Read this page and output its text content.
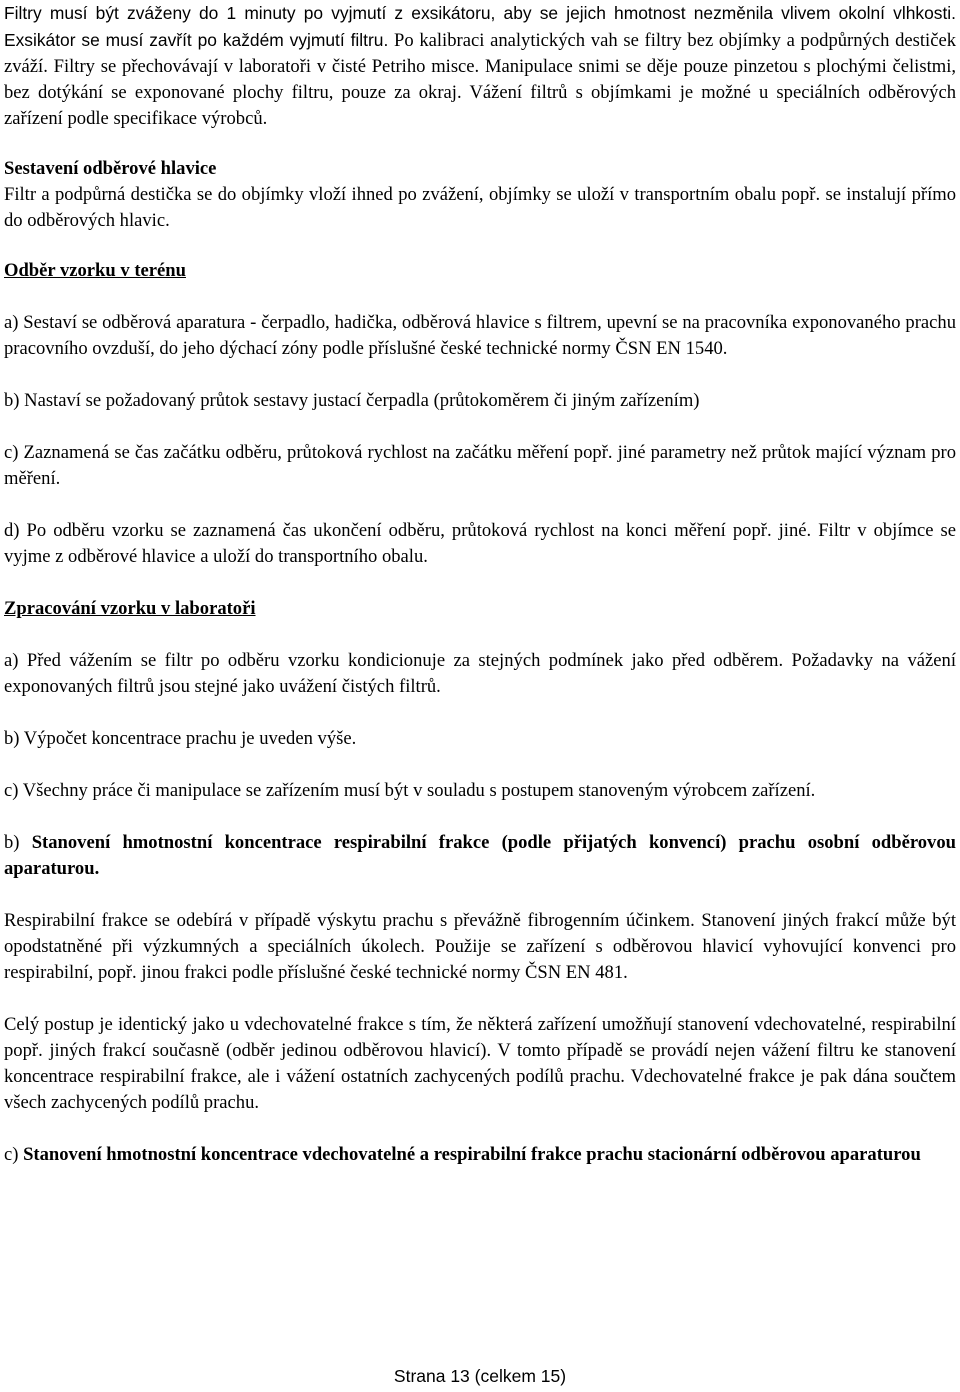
Filtry musí být zváženy do 1 minuty po vyjmutí z exsikátoru, aby se jejich hmotnost nezměnila vlivem okolní vlhkosti. Exsikátor se musí zavřít po každém vyjmutí filtru. Po kalibraci analytických vah se filtry bez objímky a podpůrných destiček zváží. Filtry se přechovávají v laboratoři v čisté Petriho misce. Manipulace snimi se děje pouze pinzetou s plochými čelistmi, bez dotýkání se exponované plochy filtru, pouze za okraj. Vážení filtrů s objímkami je možné u speciálních odběrových zařízení podle specifikace výrobců.

Sestavení odběrové hlavice

Filtr a podpůrná destička se do objímky vloží ihned po zvážení, objímky se uloží v transportním obalu popř. se instalují přímo do odběrových hlavic.

Odběr vzorku v terénu

a) Sestaví se odběrová aparatura - čerpadlo, hadička, odběrová hlavice s filtrem, upevní se na pracovníka exponovaného prachu pracovního ovzduší, do jeho dýchací zóny podle příslušné české technické normy ČSN EN 1540.

b) Nastaví se požadovaný průtok sestavy justací čerpadla (průtokoměrem či jiným zařízením)

c) Zaznamená se čas začátku odběru, průtoková rychlost na začátku měření popř. jiné parametry než průtok mající význam pro měření.

d) Po odběru vzorku se zaznamená čas ukončení odběru, průtoková rychlost na konci měření popř. jiné. Filtr v objímce se vyjme z odběrové hlavice a uloží do transportního obalu.

Zpracování vzorku v laboratoři

a) Před vážením se filtr po odběru vzorku kondicionuje za stejných podmínek jako před odběrem. Požadavky na vážení exponovaných filtrů jsou stejné jako uvážení čistých filtrů.

b) Výpočet koncentrace prachu je uveden výše.

c) Všechny práce či manipulace se zařízením musí být v souladu s postupem stanoveným výrobcem zařízení.

b) Stanovení hmotnostní koncentrace respirabilní frakce (podle přijatých konvencí) prachu osobní odběrovou aparaturou.

Respirabilní frakce se odebírá v případě výskytu prachu s převážně fibrogenním účinkem. Stanovení jiných frakcí může být opodstatněné při výzkumných a speciálních úkolech. Použije se zařízení s odběrovou hlavicí vyhovující konvenci pro respirabilní, popř. jinou frakci podle příslušné české technické normy ČSN EN 481.

Celý postup je identický jako u vdechovatelné frakce s tím, že některá zařízení umožňují stanovení vdechovatelné, respirabilní popř. jiných frakcí současně (odběr jedinou odběrovou hlavicí). V tomto případě se provádí nejen vážení filtru ke stanovení koncentrace respirabilní frakce, ale i vážení ostatních zachycených podílů prachu. Vdechovatelné frakce je pak dána součtem všech zachycených podílů prachu.

c) Stanovení hmotnostní koncentrace vdechovatelné a respirabilní frakce prachu stacionární odběrovou aparaturou

Strana 13 (celkem 15)
